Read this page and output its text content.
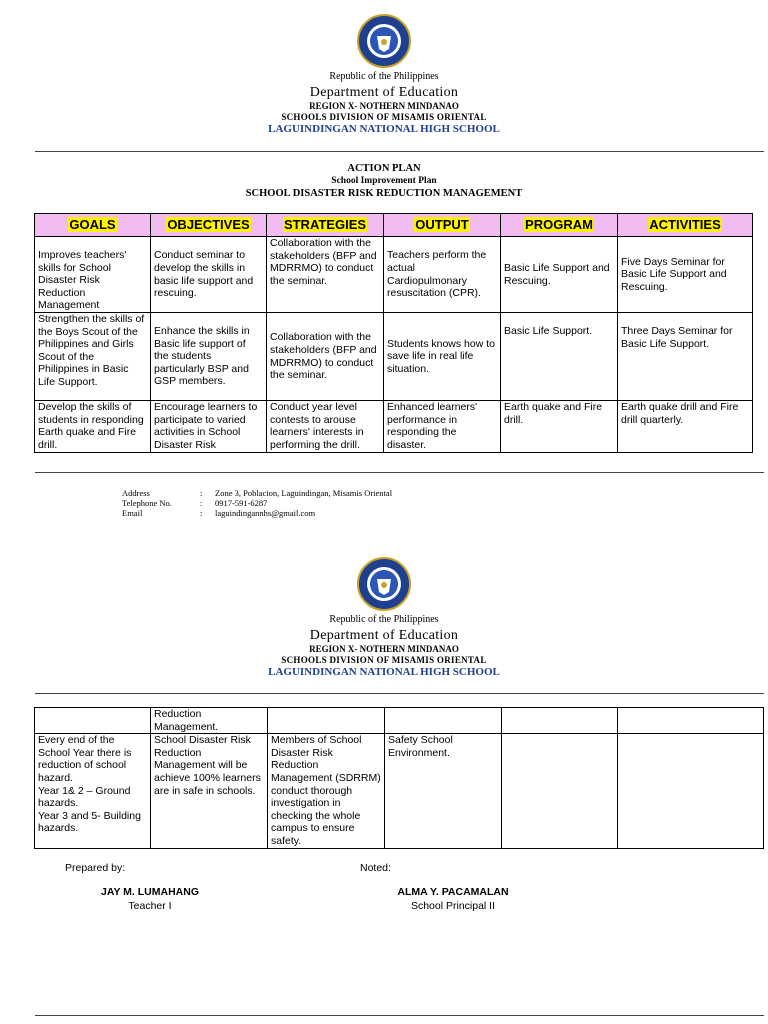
Republic of the Philippines
Department of Education
REGION X- NOTHERN MINDANAO
SCHOOLS DIVISION OF MISAMIS ORIENTAL
LAGUINDINGAN NATIONAL HIGH SCHOOL
ACTION PLAN
School Improvement Plan
SCHOOL DISASTER RISK REDUCTION MANAGEMENT
GOALS	OBJECTIVES	STRATEGIES	OUTPUT	PROGRAM	ACTIVITIES
Improves teachers' skills for School Disaster Risk Reduction Management	Conduct seminar to develop the skills in basic life support and rescuing.	Collaboration with the stakeholders (BFP and MDRRMO) to conduct the seminar.	Teachers perform the actual Cardiopulmonary resuscitation (CPR).	Basic Life Support and Rescuing.	Five Days Seminar for Basic Life Support and Rescuing.
Strengthen the skills of the Boys Scout of the Philippines and Girls Scout of the Philippines in Basic Life Support.	Enhance the skills in Basic life support of the students particularly BSP and GSP members.	Collaboration with the stakeholders (BFP and MDRRMO) to conduct the seminar.	Students knows how to save life in real life situation.	Basic Life Support.	Three Days Seminar for Basic Life Support.
Develop the skills of students in responding Earth quake and Fire drill.	Encourage learners to participate to varied activities in School Disaster Risk	Conduct year level contests to arouse learners' interests in performing the drill.	Enhanced learners' performance in responding the disaster.	Earth quake and Fire drill.	Earth quake drill and Fire drill quarterly.
Address	: Zone 3, Poblacion, Laguindingan, Misamis Oriental
Telephone No.	: 0917-591-6287
Email	: laguindingannhs@gmail.com
Republic of the Philippines
Department of Education
REGION X- NOTHERN MINDANAO
SCHOOLS DIVISION OF MISAMIS ORIENTAL
LAGUINDINGAN NATIONAL HIGH SCHOOL
	Reduction Management.				
Every end of the School Year there is reduction of school hazard.
Year 1& 2 – Ground hazards.
Year 3 and 5- Building hazards.	School Disaster Risk Reduction Management will be achieve 100% learners are in safe in schools.	Members of School Disaster Risk Reduction Management (SDRRM) conduct thorough investigation in checking the whole campus to ensure safety.	Safety School Environment.		
Prepared by:	Noted:
JAY M. LUMAHANG
Teacher I
ALMA Y. PACAMALAN
School Principal II
